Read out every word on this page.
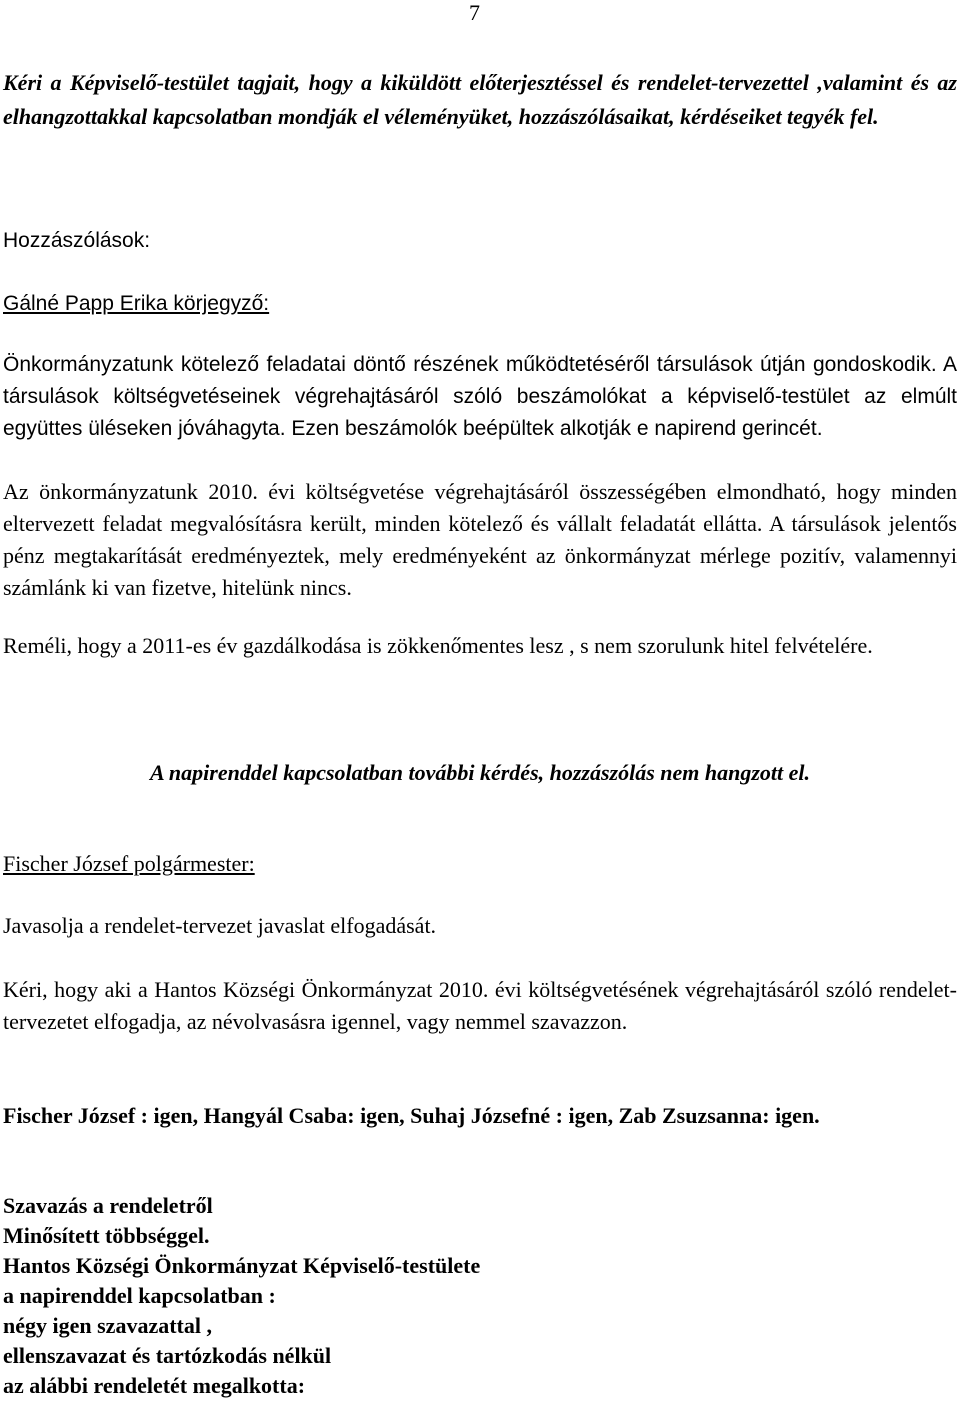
7
Kéri a Képviselő-testület tagjait, hogy a kiküldött előterjesztéssel és rendelet-tervezettel ,valamint és az elhangzottakkal kapcsolatban mondják el véleményüket, hozzászólásaikat, kérdéseiket tegyék fel.
Hozzászólások:
Gálné Papp Erika körjegyző:
Önkormányzatunk kötelező feladatai döntő részének működtetéséről társulások útján gondoskodik. A társulások költségvetéseinek végrehajtásáról szóló beszámolókat a képviselő-testület az elmúlt együttes üléseken jóváhagyta. Ezen beszámolók beépültek alkotják e napirend gerincét.
Az önkormányzatunk 2010. évi költségvetése végrehajtásáról összességében elmondható, hogy minden eltervezett feladat megvalósításra került, minden kötelező és vállalt feladatát ellátta. A társulások jelentős pénz megtakarítását eredményeztek, mely eredményeként az önkormányzat mérlege pozitív, valamennyi számlánk ki van fizetve, hitelünk nincs.
Reméli, hogy a 2011-es év gazdálkodása is zökkenőmentes lesz , s nem szorulunk hitel felvételére.
A napirenddel kapcsolatban további kérdés, hozzászólás nem hangzott el.
Fischer József polgármester:
Javasolja a rendelet-tervezet javaslat elfogadását.
Kéri, hogy aki a Hantos Községi Önkormányzat 2010. évi költségvetésének végrehajtásáról szóló rendelet-tervezetet elfogadja, az névolvasásra igennel, vagy nemmel szavazzon.
Fischer József : igen, Hangyál Csaba: igen, Suhaj Józsefné : igen, Zab Zsuzsanna: igen.
Szavazás a rendeletről
Minősített többséggel.
Hantos Községi Önkormányzat Képviselő-testülete
a napirenddel kapcsolatban :
négy igen szavazattal ,
ellenszavazat és tartózkodás nélkül
az alábbi rendeletét megalkotta:
